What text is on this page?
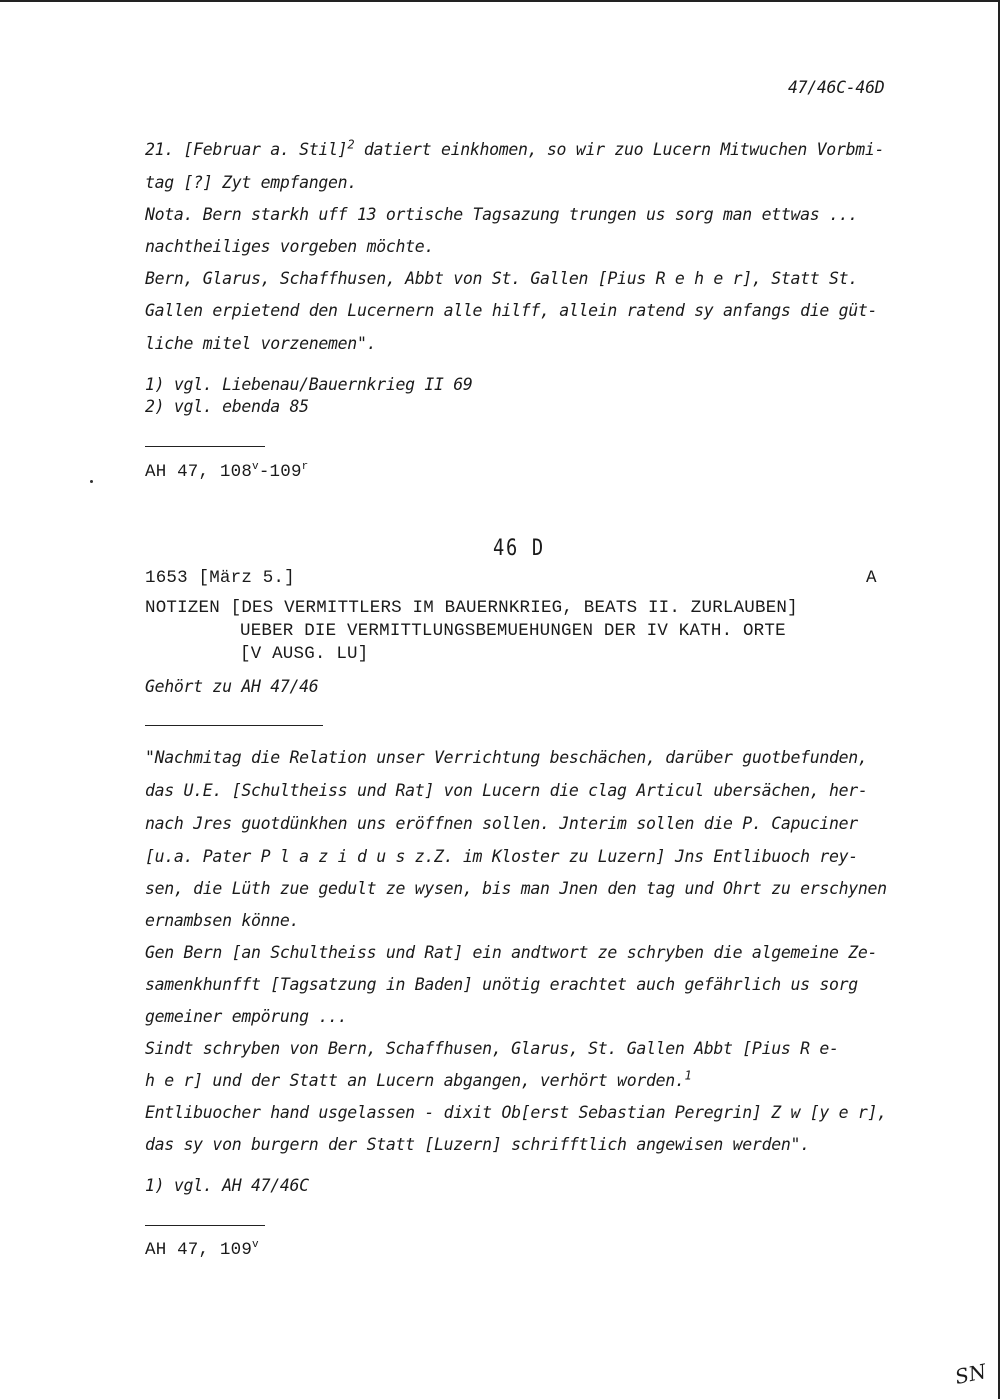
47/46C-46D
21. [Februar a. Stil]$^2$ datiert einkhomen, so wir zuo Lucern Mitwuchen Vorbmi-
tag [?] Zyt empfangen.
Nota. Bern starkh uff 13 ortische Tagsazung trungen us sorg man ettwas ...
nachtheiliges vorgeben möchte.
Bern, Glarus, Schaffhusen, Abbt von St. Gallen [Pius R e h e r], Statt St.
Gallen erpietend den Lucernern alle hilff, allein ratend sy anfangs die güt-
liche mitel vorzenemen".
1) vgl. Liebenau/Bauernkrieg II 69
2) vgl. ebenda 85
AH 47, 108$^v$-109$^r$
46 D
1653 [März 5.]	A
NOTIZEN [DES VERMITTLERS IM BAUERNKRIEG, BEATS II. ZURLAUBEN]
UEBER DIE VERMITTLUNGSBEMUEHUNGEN DER IV KATH. ORTE
[V AUSG. LU]
Gehört zu AH 47/46
"Nachmitag die Relation unser Verrichtung beschächen, darüber guotbefunden,
das U.E. [Schultheiss und Rat] von Lucern die clag Articul ubersächen, her-
nach Jres guotdünkhen uns eröffnen sollen. Jnterim sollen die P. Capuciner
[u.a. Pater P l a z i d u s z.Z. im Kloster zu Luzern] Jns Entlibuoch rey-
sen, die Lüth zue gedult ze wysen, bis man Jnen den tag und Ohrt zu erschynen
ernambsen könne.
Gen Bern [an Schultheiss und Rat] ein andtwort ze schryben die algemeine Ze-
samenkhunfft [Tagsatzung in Baden] unötig erachtet auch gefährlich us sorg
gemeiner empörung ...
Sindt schryben von Bern, Schaffhusen, Glarus, St. Gallen Abbt [Pius R e-
h e r] und der Statt an Lucern abgangen, verhört worden.$^1$
Entlibuocher hand usgelassen - dixit Ob[erst Sebastian Peregrin] Z w [y e r],
das sy von burgern der Statt [Luzern] schrifftlich angewisen werden".
1) vgl. AH 47/46C
AH 47, 109$^v$
SN
